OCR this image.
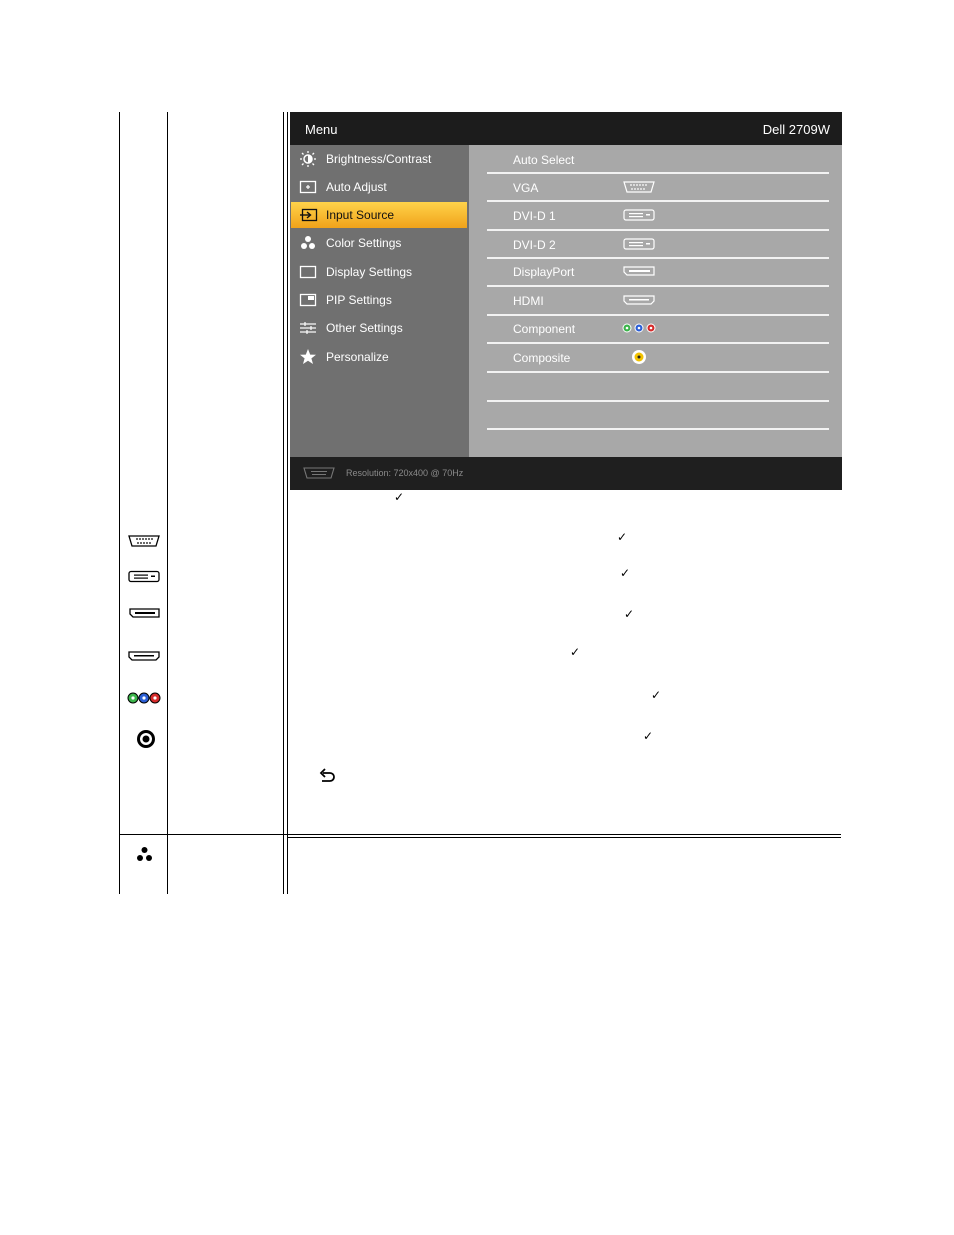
Menu	Dell 2709W
Brightness/Contrast
Auto Adjust
Input Source
Color Settings
Display Settings
PIP Settings
Other Settings
Personalize
Auto Select
VGA
DVI-D 1
DVI-D 2
DisplayPort
HDMI
Component
Composite
Resolution: 720x400 @ 70Hz
✓
✓
✓
✓
✓
✓
✓
